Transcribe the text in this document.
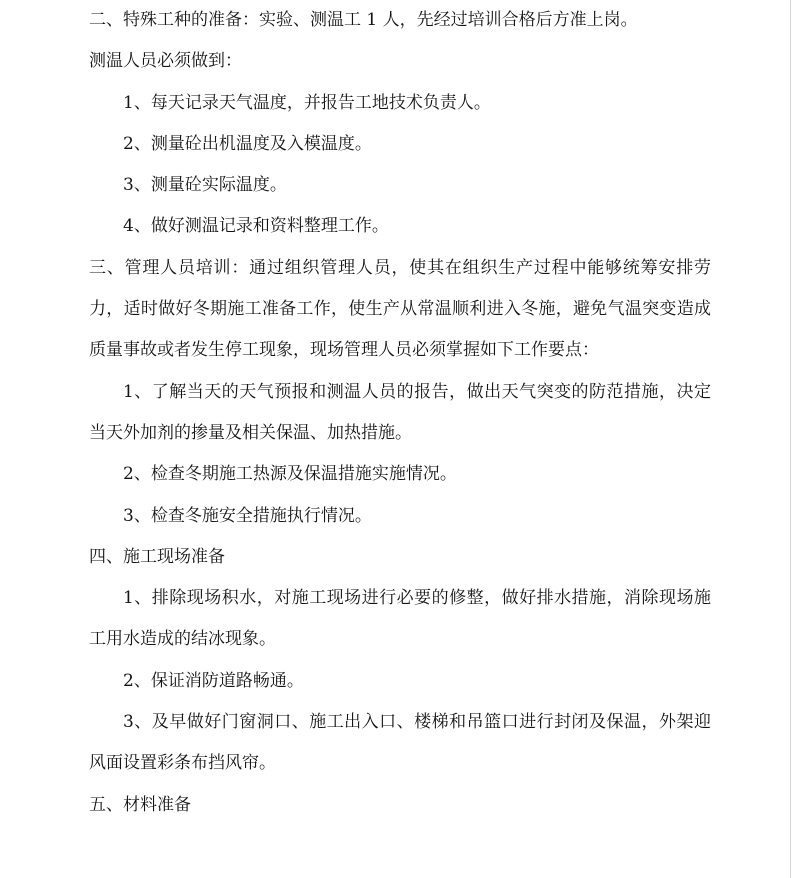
二、特殊工种的准备：实验、测温工 1 人，先经过培训合格后方准上岗。

测温人员必须做到：

1、每天记录天气温度，并报告工地技术负责人。

2、测量砼出机温度及入模温度。

3、测量砼实际温度。

4、做好测温记录和资料整理工作。

三、管理人员培训：通过组织管理人员，使其在组织生产过程中能够统筹安排劳力，适时做好冬期施工准备工作，使生产从常温顺利进入冬施，避免气温突变造成质量事故或者发生停工现象，现场管理人员必须掌握如下工作要点：

1、了解当天的天气预报和测温人员的报告，做出天气突变的防范措施，决定当天外加剂的掺量及相关保温、加热措施。

2、检查冬期施工热源及保温措施实施情况。

3、检查冬施安全措施执行情况。

四、施工现场准备

1、排除现场积水，对施工现场进行必要的修整，做好排水措施，消除现场施工用水造成的结冰现象。

2、保证消防道路畅通。

3、及早做好门窗洞口、施工出入口、楼梯和吊篮口进行封闭及保温，外架迎风面设置彩条布挡风帘。

五、材料准备
